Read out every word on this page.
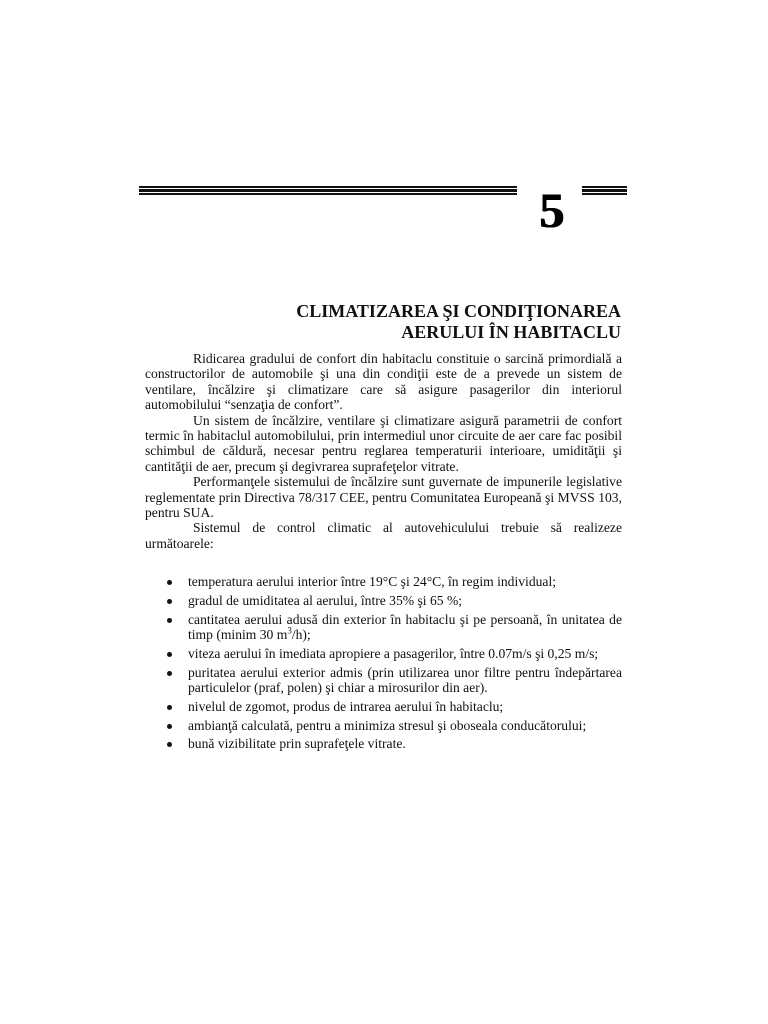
5
CLIMATIZAREA ŞI CONDIŢIONAREA
AERULUI ÎN HABITACLU

Ridicarea gradului de confort din habitaclu constituie o sarcină primordială a constructorilor de automobile şi una din condiţii este de a prevede un sistem de ventilare, încălzire şi climatizare care să asigure pasagerilor din interiorul automobilului “senzaţia de confort”.

Un sistem de încălzire, ventilare şi climatizare asigură parametrii de confort termic în habitaclul automobilului, prin intermediul unor circuite de aer care fac posibil schimbul de căldură, necesar pentru reglarea temperaturii interioare, umidităţii şi cantităţii de aer, precum şi degivrarea suprafeţelor vitrate.

Performanţele sistemului de încălzire sunt guvernate de impunerile legislative reglementate prin Directiva 78/317 CEE, pentru Comunitatea Europeană şi MVSS 103, pentru SUA.

Sistemul de control climatic al autovehiculului trebuie să realizeze următoarele:

temperatura aerului interior între 19°C şi 24°C, în regim individual;
gradul de umiditatea al aerului, între 35% şi 65 %;
cantitatea aerului adusă din exterior în habitaclu şi pe persoană, în unitatea de timp (minim 30 $m^3/h$);
viteza aerului în imediata apropiere a pasagerilor, între 0.07m/s şi 0,25 m/s;
puritatea aerului exterior admis (prin utilizarea unor filtre pentru îndepărtarea particulelor (praf, polen) şi chiar a mirosurilor din aer).
nivelul de zgomot, produs de intrarea aerului în habitaclu;
ambianţă calculată, pentru a minimiza stresul şi oboseala conducătorului;
bună vizibilitate prin suprafeţele vitrate.
